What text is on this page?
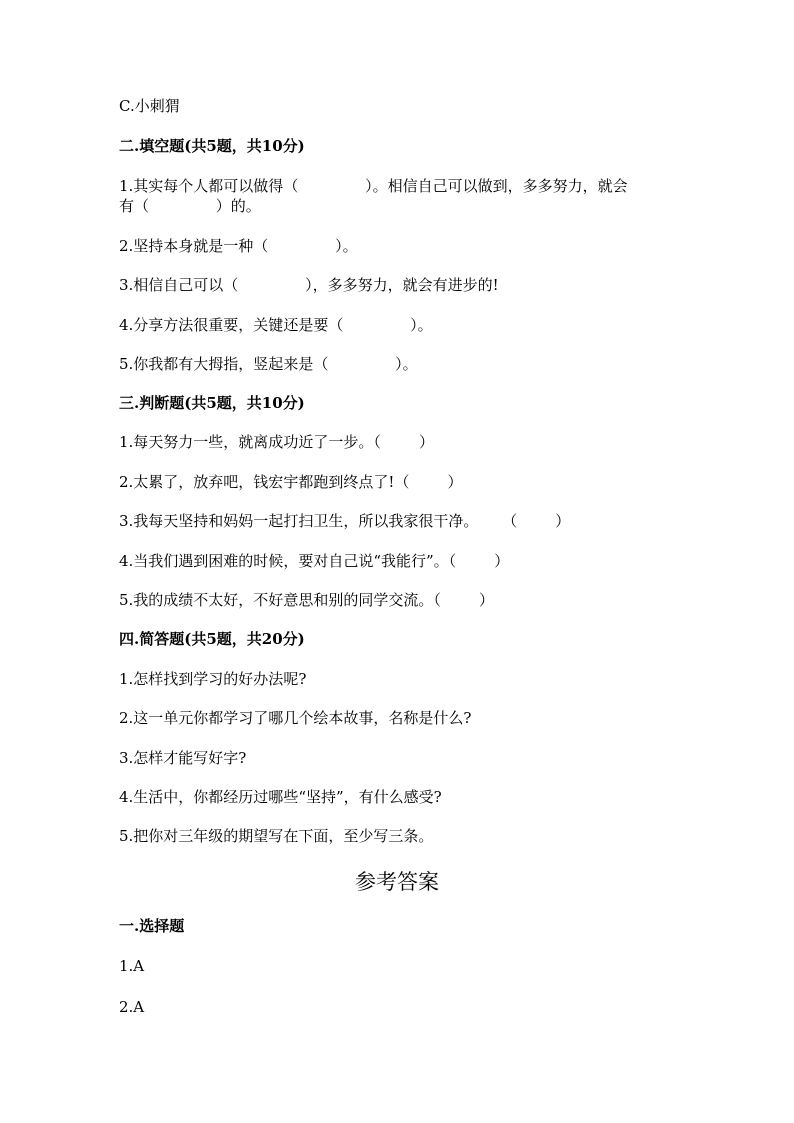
C.小刺猬

二.填空题(共5题，共10分)

1.其实每个人都可以做得（              ）。相信自己可以做到，多多努力，就会

有（              ）的。

2.坚持本身就是一种（              ）。

3.相信自己可以（              ），多多努力，就会有进步的!

4.分享方法很重要，关键还是要（              ）。

5.你我都有大拇指，竖起来是（              ）。

三.判断题(共5题，共10分)

1.每天努力一些，就离成功近了一步。（        ）

2.太累了，放弃吧，钱宏宇都跑到终点了!（        ）

3.我每天坚持和妈妈一起打扫卫生，所以我家很干净。     （        ）

4.当我们遇到困难的时候，要对自己说“我能行”。（        ）

5.我的成绩不太好，不好意思和别的同学交流。（        ）

四.简答题(共5题，共20分)

1.怎样找到学习的好办法呢?

2.这一单元你都学习了哪几个绘本故事，名称是什么?

3.怎样才能写好字?

4.生活中，你都经历过哪些“坚持”，有什么感受?

5.把你对三年级的期望写在下面，至少写三条。

参考答案

一.选择题

1.A

2.A
